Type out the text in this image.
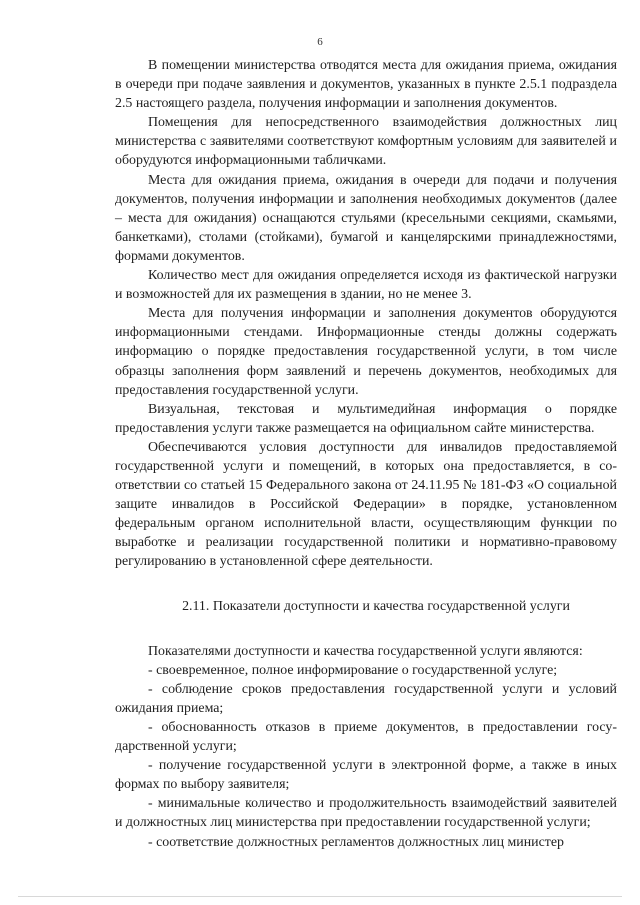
6

В помещении министерства отводятся места для ожидания приема, ожидания в очереди при подаче заявления и документов, указанных в пункте 2.5.1 подраздела 2.5 настоящего раздела, получения информации и заполнения документов.

Помещения для непосредственного взаимодействия должностных лиц министерства с заявителями соответствуют комфортным условиям для заявителей и оборудуются информационными табличками.

Места для ожидания приема, ожидания в очереди для подачи и получения документов, получения информации и заполнения необходимых документов (далее – места для ожидания) оснащаются стульями (кресельными секциями, скамьями, банкетками), столами (стойками), бумагой и канцелярскими принадлежностями, формами документов.

Количество мест для ожидания определяется исходя из фактической нагрузки и возможностей для их размещения в здании, но не менее 3.

Места для получения информации и заполнения документов оборудуются информационными стендами. Информационные стенды должны содержать информацию о порядке предоставления государственной услуги, в том числе образцы заполнения форм заявлений и перечень документов, необходимых для предоставления государственной услуги.

Визуальная, текстовая и мультимедийная информация о порядке предоставления услуги также размещается на официальном сайте министерства.

Обеспечиваются условия доступности для инвалидов предоставляемой государственной услуги и помещений, в которых она предоставляется, в соответствии со статьей 15 Федерального закона от 24.11.95 № 181-ФЗ «О социальной защите инвалидов в Российской Федерации» в порядке, установленном федеральным органом исполнительной власти, осуществляющим функции по выработке и реализации государственной политики и нормативно-правовому регулированию в установленной сфере деятельности.

2.11. Показатели доступности и качества государственной услуги

Показателями доступности и качества государственной услуги являются:

- своевременное, полное информирование о государственной услуге;

- соблюдение сроков предоставления государственной услуги и условий ожидания приема;

- обоснованность отказов в приеме документов, в предоставлении государственной услуги;

- получение государственной услуги в электронной форме, а также в иных формах по выбору заявителя;

- минимальные количество и продолжительность взаимодействий заявителей и должностных лиц министерства при предоставлении государственной услуги;

- соответствие должностных регламентов должностных лиц министер
